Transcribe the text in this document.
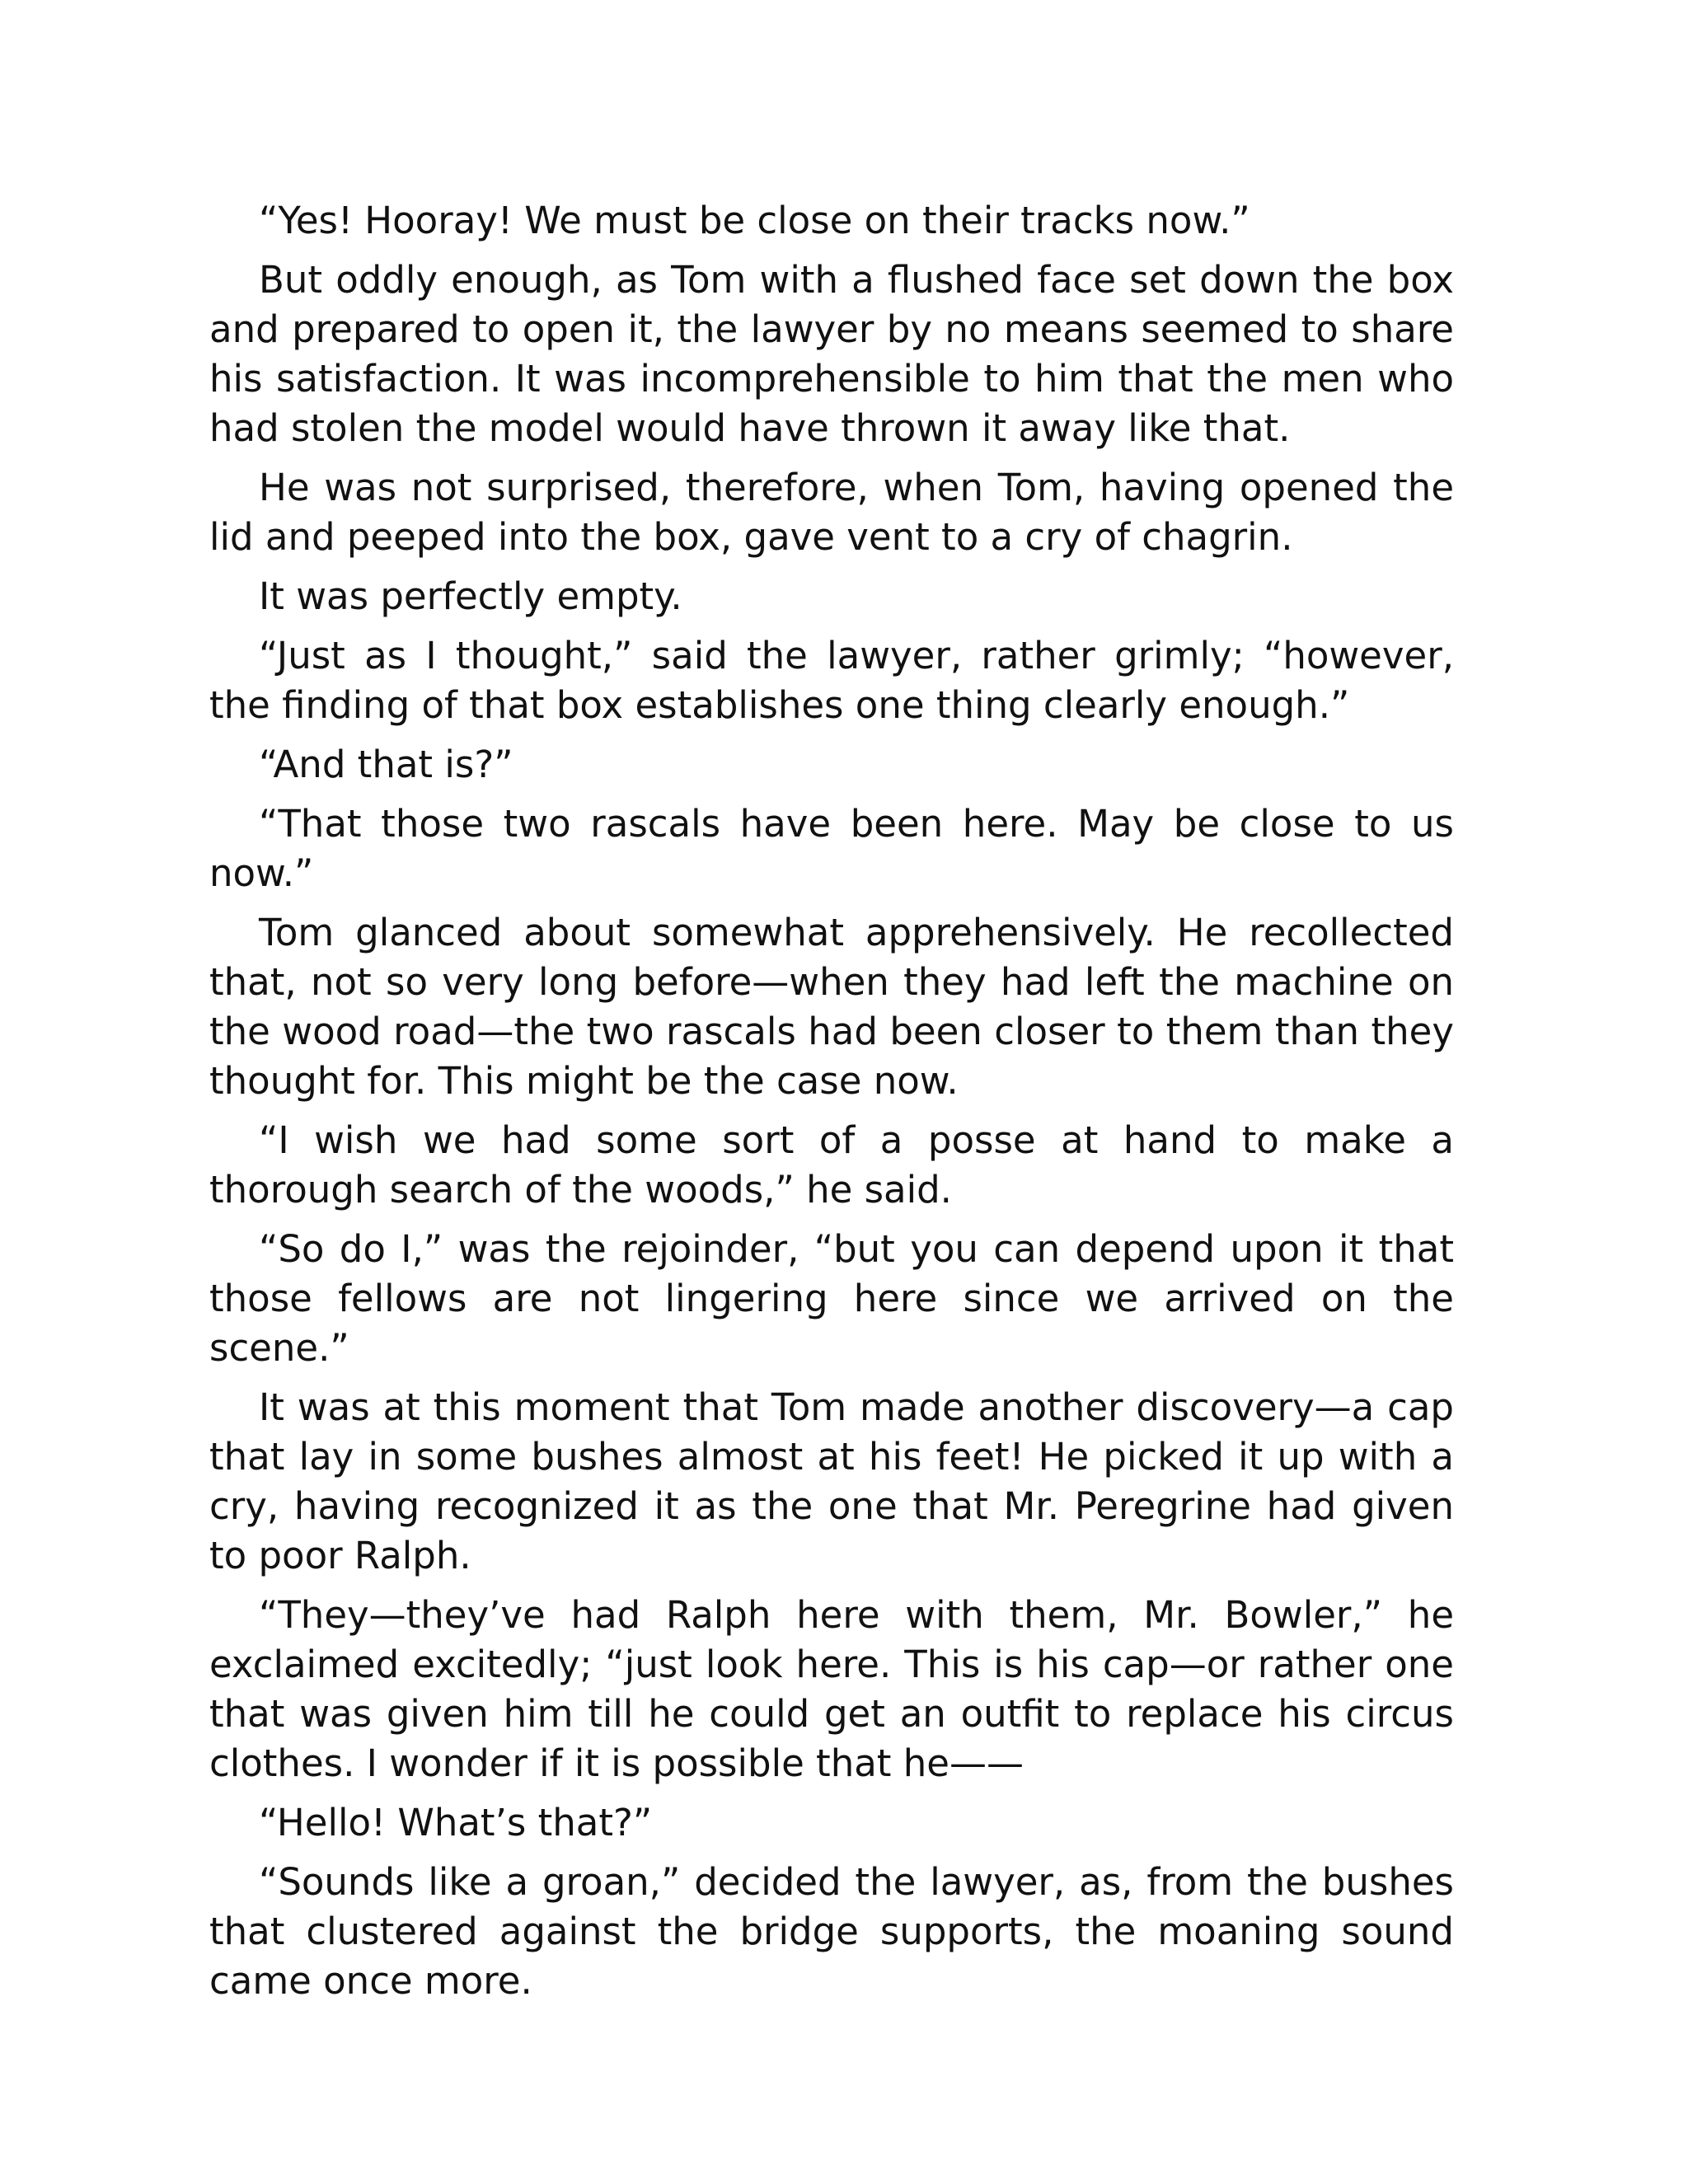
“Yes! Hooray! We must be close on their tracks now.”

But oddly enough, as Tom with a flushed face set down the box and prepared to open it, the lawyer by no means seemed to share his satisfaction. It was incomprehensible to him that the men who had stolen the model would have thrown it away like that.

He was not surprised, therefore, when Tom, having opened the lid and peeped into the box, gave vent to a cry of chagrin.

It was perfectly empty.

“Just as I thought,” said the lawyer, rather grimly; “however, the finding of that box establishes one thing clearly enough.”

“And that is?”

“That those two rascals have been here. May be close to us now.”

Tom glanced about somewhat apprehensively. He recollected that, not so very long before—when they had left the machine on the wood road—the two rascals had been closer to them than they thought for. This might be the case now.

“I wish we had some sort of a posse at hand to make a thorough search of the woods,” he said.

“So do I,” was the rejoinder, “but you can depend upon it that those fellows are not lingering here since we arrived on the scene.”

It was at this moment that Tom made another discovery—a cap that lay in some bushes almost at his feet! He picked it up with a cry, having recognized it as the one that Mr. Peregrine had given to poor Ralph.

“They—they’ve had Ralph here with them, Mr. Bowler,” he exclaimed excitedly; “just look here. This is his cap—or rather one that was given him till he could get an outfit to replace his circus clothes. I wonder if it is possible that he——

“Hello! What’s that?”

“Sounds like a groan,” decided the lawyer, as, from the bushes that clustered against the bridge supports, the moaning sound came once more.
